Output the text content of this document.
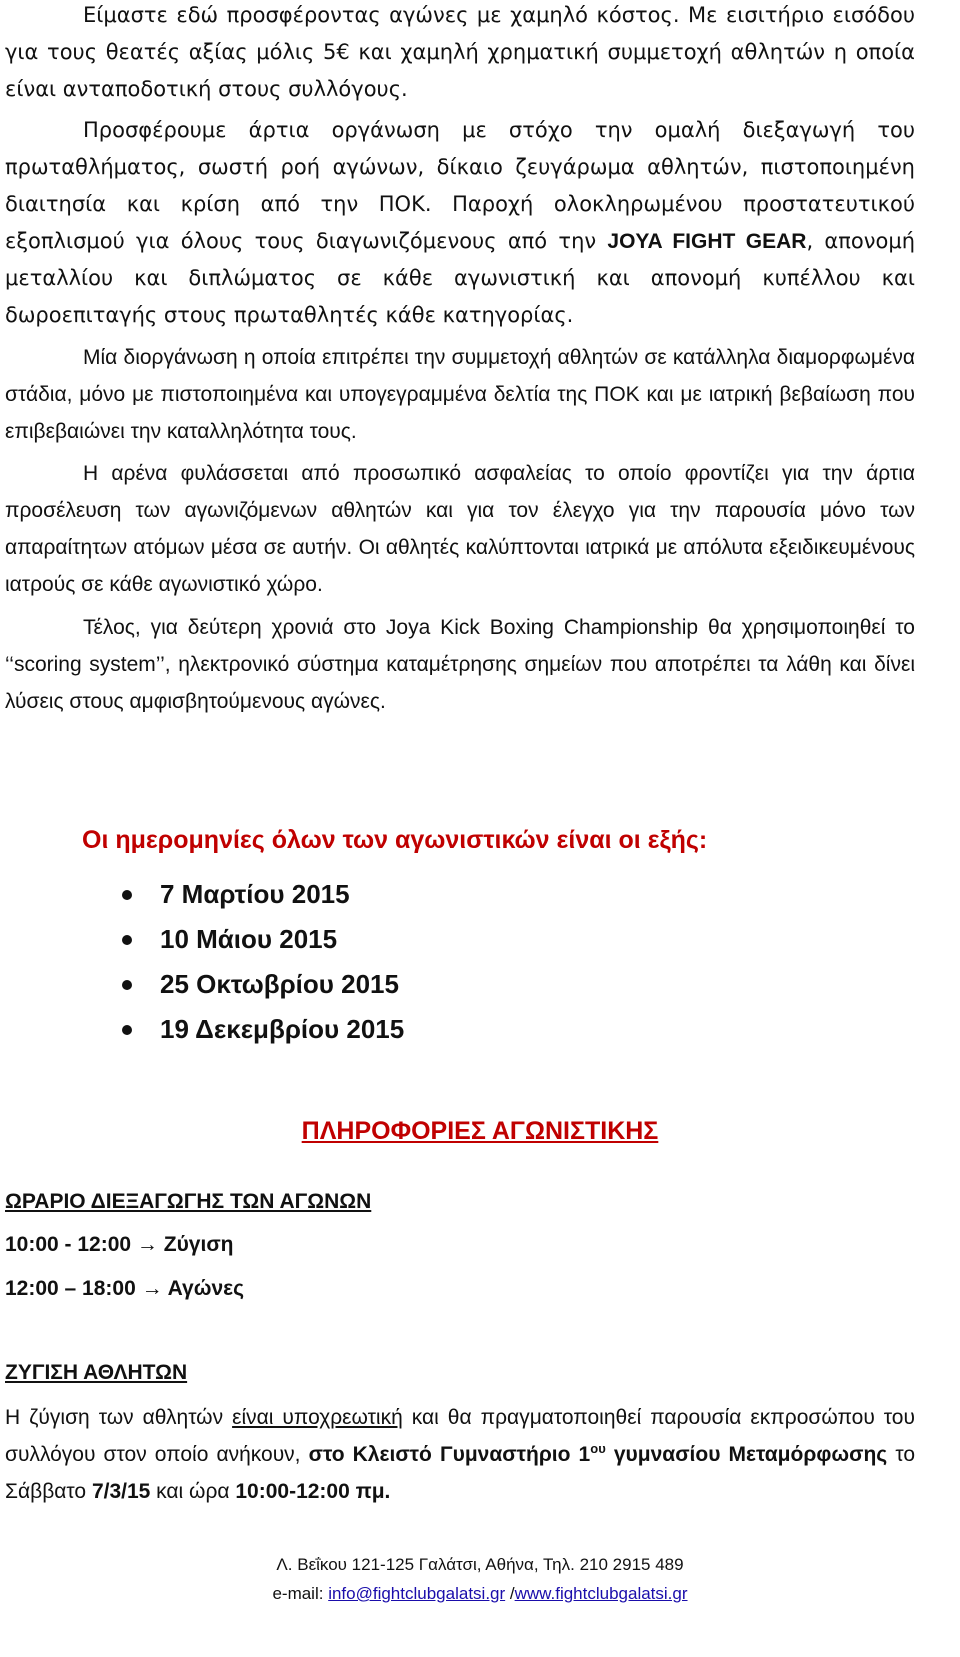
Είμαστε εδώ προσφέροντας αγώνες με χαμηλό κόστος. Με εισιτήριο εισόδου για τους θεατές αξίας μόλις 5€ και χαμηλή χρηματική συμμετοχή αθλητών η οποία είναι ανταποδοτική στους συλλόγους.

Προσφέρουμε άρτια οργάνωση με στόχο την ομαλή διεξαγωγή του πρωταθλήματος, σωστή ροή αγώνων, δίκαιο ζευγάρωμα αθλητών, πιστοποιημένη διαιτησία και κρίση από την ΠΟΚ. Παροχή ολοκληρωμένου προστατευτικού εξοπλισμού για όλους τους διαγωνιζόμενους από την JOYA FIGHT GEAR, απονομή μεταλλίου και διπλώματος σε κάθε αγωνιστική και απονομή κυπέλλου και δωροεπιταγής στους πρωταθλητές κάθε κατηγορίας.

Μία διοργάνωση η οποία επιτρέπει την συμμετοχή αθλητών σε κατάλληλα διαμορφωμένα στάδια, μόνο με πιστοποιημένα και υπογεγραμμένα δελτία της ΠΟΚ και με ιατρική βεβαίωση που επιβεβαιώνει την καταλληλότητα τους.

Η αρένα φυλάσσεται από προσωπικό ασφαλείας το οποίο φροντίζει για την άρτια προσέλευση των αγωνιζόμενων αθλητών και για τον έλεγχο για την παρουσία μόνο των απαραίτητων ατόμων μέσα σε αυτήν. Οι αθλητές καλύπτονται ιατρικά με απόλυτα εξειδικευμένους ιατρούς σε κάθε αγωνιστικό χώρο.

Τέλος, για δεύτερη χρονιά στο Joya Kick Boxing Championship θα χρησιμοποιηθεί το ‘‘scoring system’’, ηλεκτρονικό σύστημα καταμέτρησης σημείων που αποτρέπει τα λάθη και δίνει λύσεις στους αμφισβητούμενους αγώνες.

Οι ημερομηνίες όλων των αγωνιστικών είναι οι εξής:
7 Μαρτίου 2015
10 Μάιου 2015
25 Οκτωβρίου 2015
19 Δεκεμβρίου 2015
ΠΛΗΡΟΦΟΡΙΕΣ ΑΓΩΝΙΣΤΙΚΗΣ
ΩΡΑΡΙΟ ΔΙΕΞΑΓΩΓΗΣ ΤΩΝ ΑΓΩΝΩΝ

10:00 - 12:00 → Ζύγιση

12:00 – 18:00 → Αγώνες

ΖΥΓΙΣΗ ΑΘΛΗΤΩΝ

Η ζύγιση των αθλητών είναι υποχρεωτική και θα πραγματοποιηθεί παρουσία εκπροσώπου του συλλόγου στον οποίο ανήκουν, στο Κλειστό Γυμναστήριο $1^{o\upsilon}$ γυμνασίου Μεταμόρφωσης το Σάββατο 7/3/15 και ώρα 10:00-12:00 πμ.

Λ. Βεΐκου 121-125 Γαλάτσι, Αθήνα, Τηλ. 210 2915 489

e-mail: info@fightclubgalatsi.gr /www.fightclubgalatsi.gr
